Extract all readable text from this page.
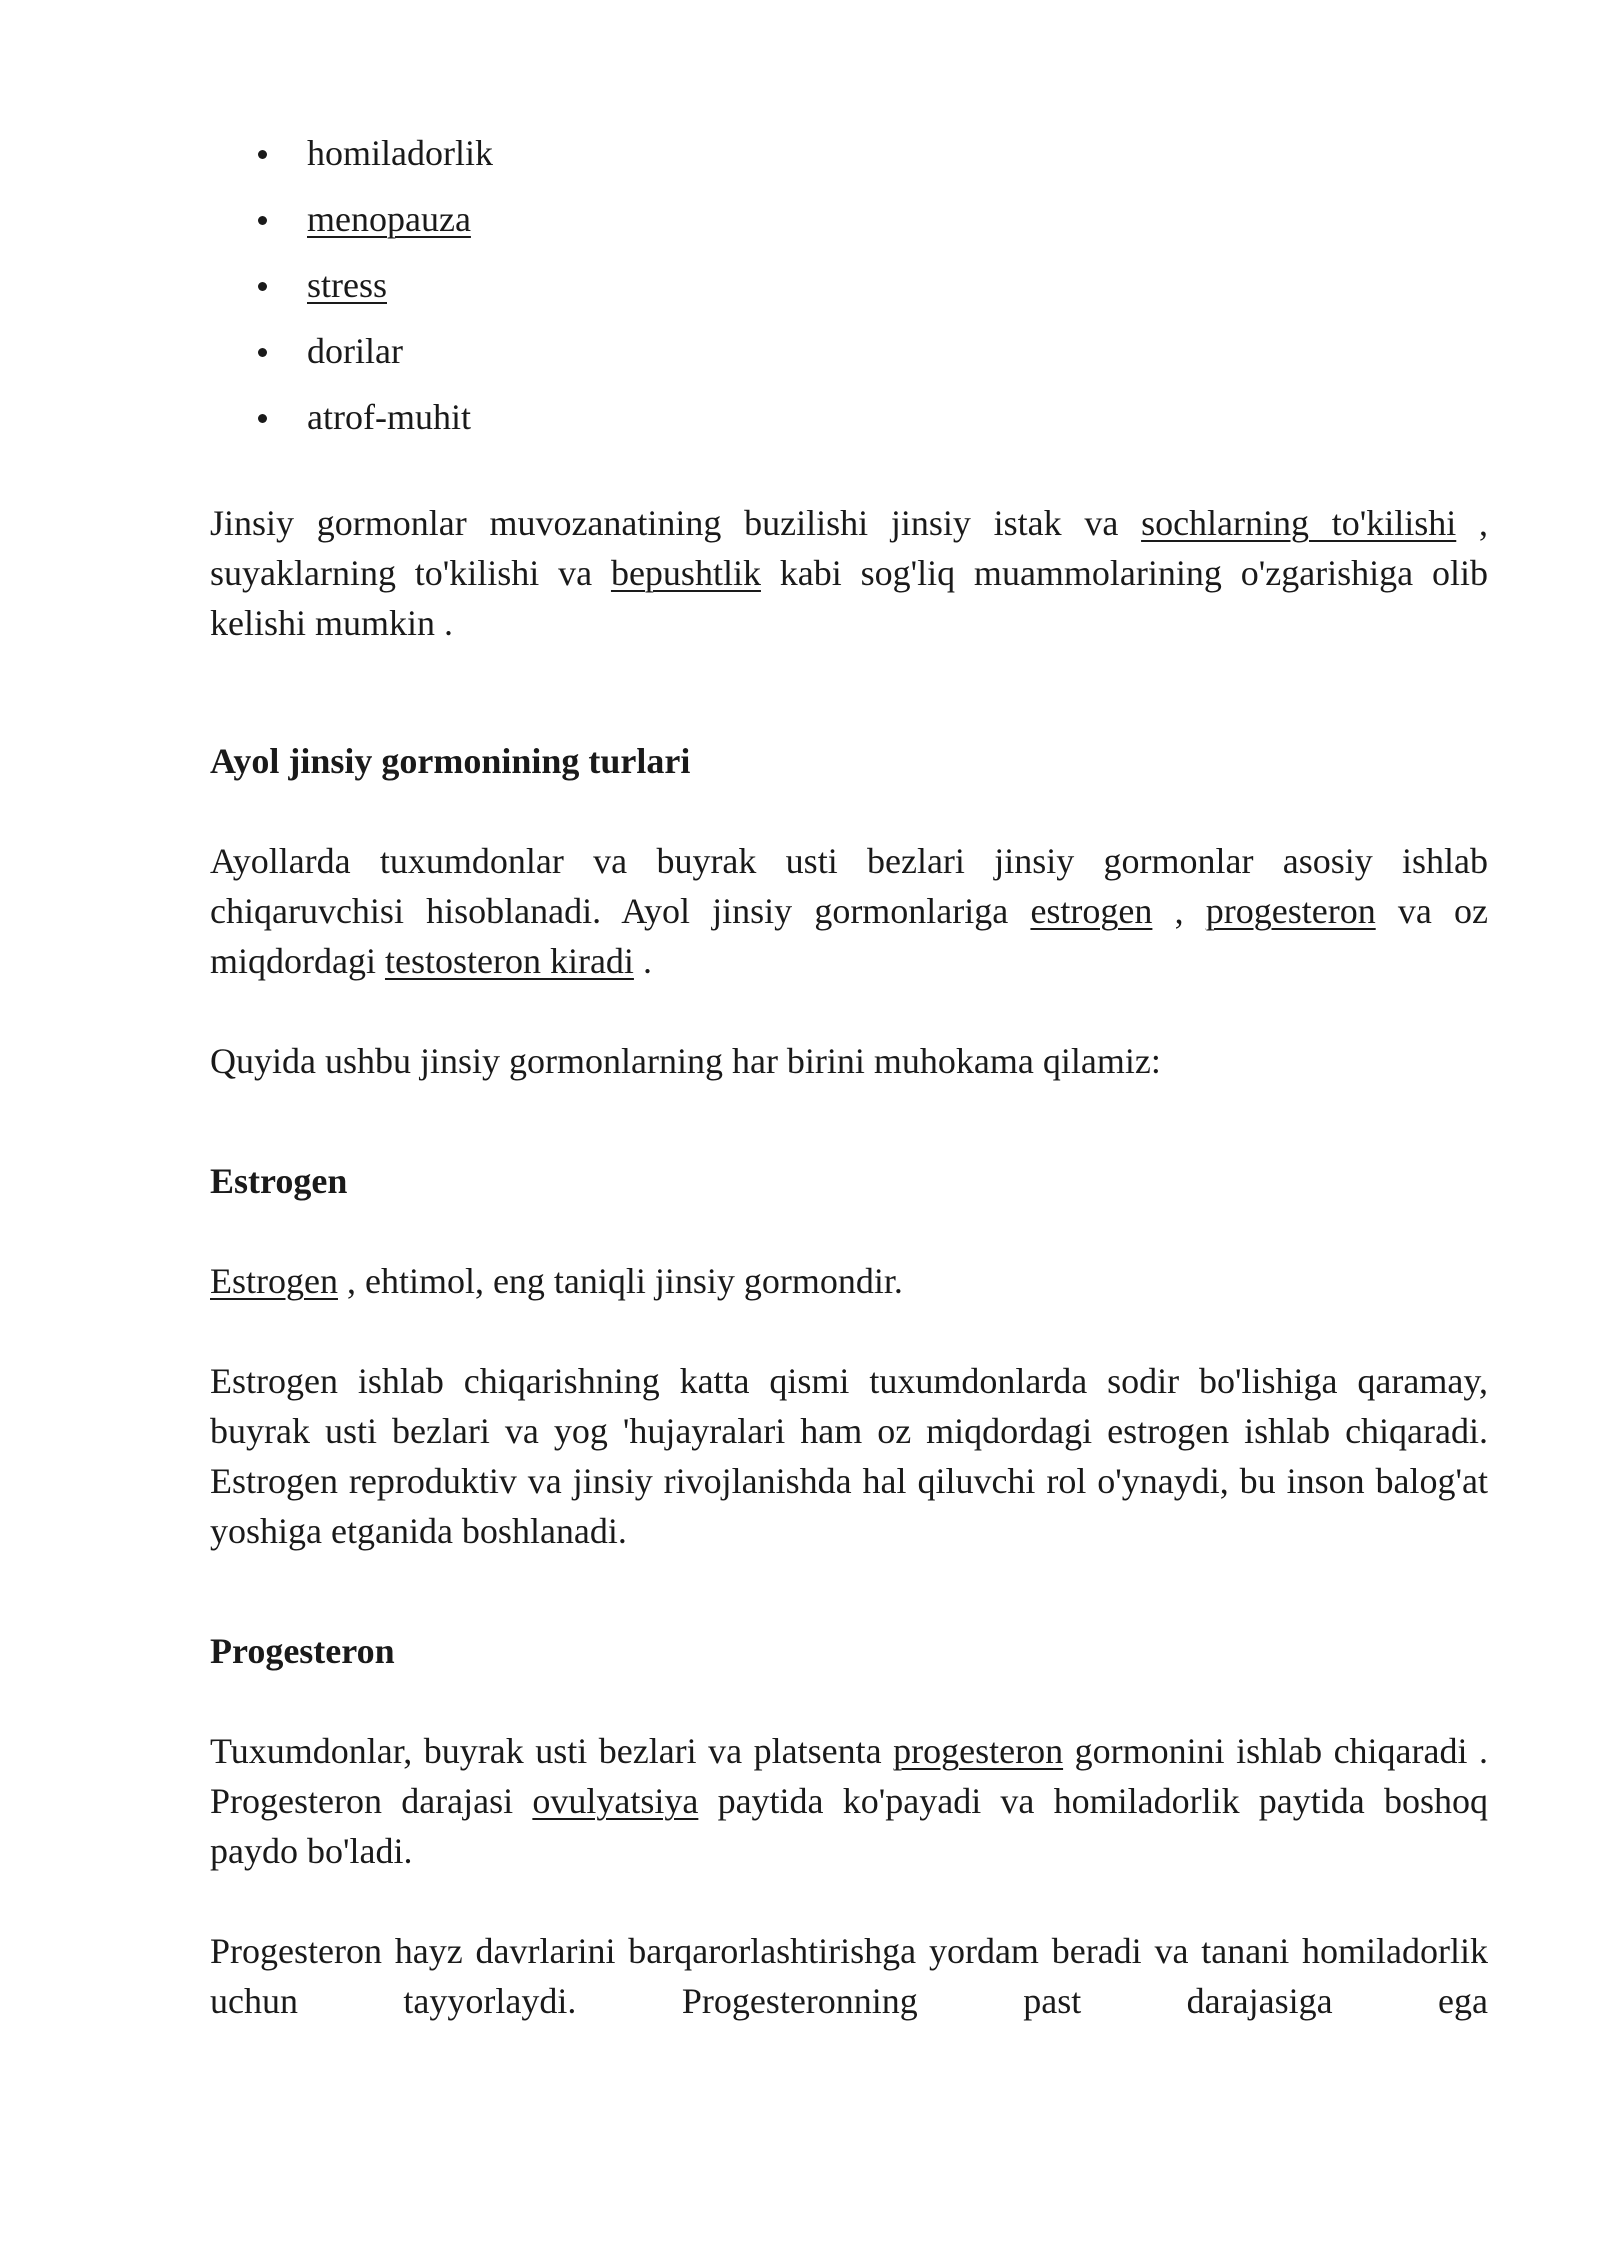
homiladorlik
menopauza
stress
dorilar
atrof-muhit

Jinsiy gormonlar muvozanatining buzilishi jinsiy istak va sochlarning to'kilishi , suyaklarning to'kilishi va bepushtlik kabi sog'liq muammolarining o'zgarishiga olib kelishi mumkin .

Ayol jinsiy gormonining turlari

Ayollarda tuxumdonlar va buyrak usti bezlari jinsiy gormonlar asosiy ishlab chiqaruvchisi hisoblanadi. Ayol jinsiy gormonlariga estrogen , progesteron va oz miqdordagi testosteron kiradi .

Quyida ushbu jinsiy gormonlarning har birini muhokama qilamiz:

Estrogen

Estrogen , ehtimol, eng taniqli jinsiy gormondir.

Estrogen ishlab chiqarishning katta qismi tuxumdonlarda sodir bo'lishiga qaramay, buyrak usti bezlari va yog 'hujayralari ham oz miqdordagi estrogen ishlab chiqaradi. Estrogen reproduktiv va jinsiy rivojlanishda hal qiluvchi rol o'ynaydi, bu inson balog'at yoshiga etganida boshlanadi.

Progesteron

Tuxumdonlar, buyrak usti bezlari va platsenta progesteron gormonini ishlab chiqaradi . Progesteron darajasi ovulyatsiya paytida ko'payadi va homiladorlik paytida boshoq paydo bo'ladi.

Progesteron hayz davrlarini barqarorlashtirishga yordam beradi va tanani homiladorlik uchun tayyorlaydi. Progesteronning past darajasiga ega
